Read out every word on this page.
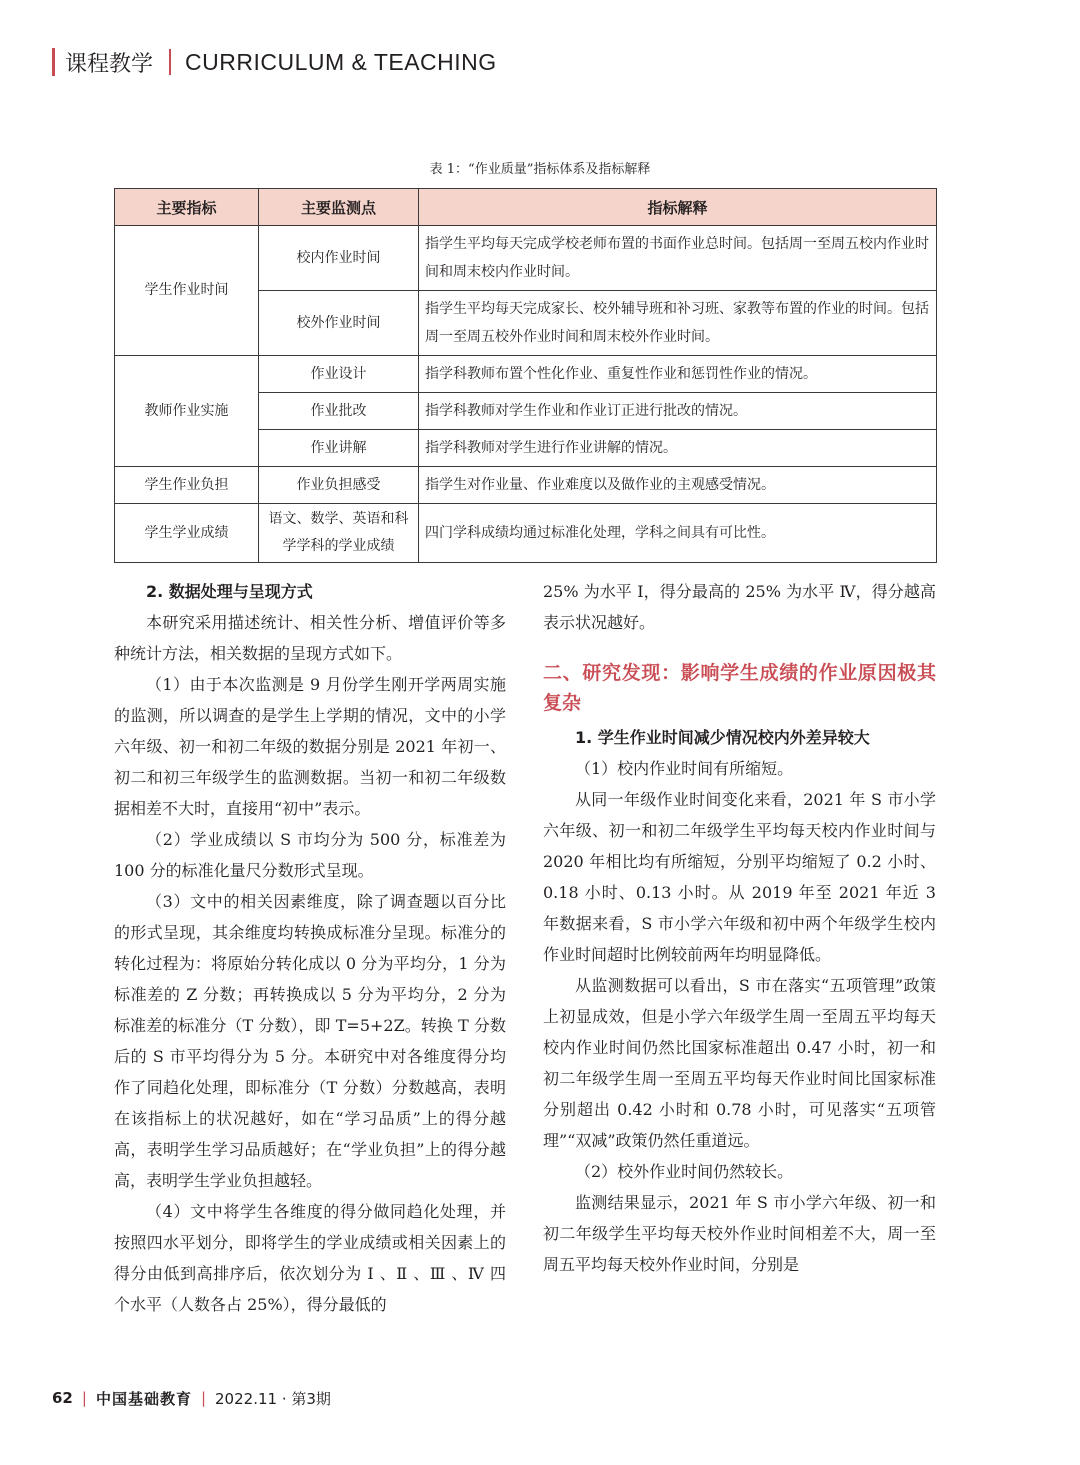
课程教学 CURRICULUM & TEACHING
表 1：“作业质量”指标体系及指标解释
主要指标	主要监测点	指标解释
学生作业时间	校内作业时间	指学生平均每天完成学校老师布置的书面作业总时间。包括周一至周五校内作业时间和周末校内作业时间。
	校外作业时间	指学生平均每天完成家长、校外辅导班和补习班、家教等布置的作业的时间。包括周一至周五校外作业时间和周末校外作业时间。
教师作业实施	作业设计	指学科教师布置个性化作业、重复性作业和惩罚性作业的情况。
	作业批改	指学科教师对学生作业和作业订正进行批改的情况。
	作业讲解	指学科教师对学生进行作业讲解的情况。
学生作业负担	作业负担感受	指学生对作业量、作业难度以及做作业的主观感受情况。
学生学业成绩	语文、数学、英语和科学学科的学业成绩	四门学科成绩均通过标准化处理，学科之间具有可比性。
2. 数据处理与呈现方式

本研究采用描述统计、相关性分析、增值评价等多种统计方法，相关数据的呈现方式如下。

（1）由于本次监测是 9 月份学生刚开学两周实施的监测，所以调查的是学生上学期的情况，文中的小学六年级、初一和初二年级的数据分别是 2021 年初一、初二和初三年级学生的监测数据。当初一和初二年级数据相差不大时，直接用“初中”表示。

（2）学业成绩以 S 市均分为 500 分，标准差为 100 分的标准化量尺分数形式呈现。

（3）文中的相关因素维度，除了调查题以百分比的形式呈现，其余维度均转换成标准分呈现。标准分的转化过程为：将原始分转化成以 0 分为平均分，1 分为标准差的 Z 分数；再转换成以 5 分为平均分，2 分为标准差的标准分（T 分数），即 T=5+2Z。转换 T 分数后的 S 市平均得分为 5 分。本研究中对各维度得分均作了同趋化处理，即标准分（T 分数）分数越高，表明在该指标上的状况越好，如在“学习品质”上的得分越高，表明学生学习品质越好；在“学业负担”上的得分越高，表明学生学业负担越轻。

（4）文中将学生各维度的得分做同趋化处理，并按照四水平划分，即将学生的学业成绩或相关因素上的得分由低到高排序后，依次划分为 Ⅰ 、Ⅱ 、Ⅲ 、Ⅳ 四个水平（人数各占 25%），得分最低的

25% 为水平 Ⅰ，得分最高的 25% 为水平 Ⅳ，得分越高表示状况越好。

二、研究发现：影响学生成绩的作业原因极其复杂
1. 学生作业时间减少情况校内外差异较大

（1）校内作业时间有所缩短。

从同一年级作业时间变化来看，2021 年 S 市小学六年级、初一和初二年级学生平均每天校内作业时间与 2020 年相比均有所缩短，分别平均缩短了 0.2 小时、0.18 小时、0.13 小时。从 2019 年至 2021 年近 3 年数据来看，S 市小学六年级和初中两个年级学生校内作业时间超时比例较前两年均明显降低。

从监测数据可以看出，S 市在落实“五项管理”政策上初显成效，但是小学六年级学生周一至周五平均每天校内作业时间仍然比国家标准超出 0.47 小时，初一和初二年级学生周一至周五平均每天作业时间比国家标准分别超出 0.42 小时和 0.78 小时，可见落实“五项管理”“双减”政策仍然任重道远。

（2）校外作业时间仍然较长。

监测结果显示，2021 年 S 市小学六年级、初一和初二年级学生平均每天校外作业时间相差不大，周一至周五平均每天校外作业时间，分别是

62 | 中国基础教育 | 2022.11 · 第3期
